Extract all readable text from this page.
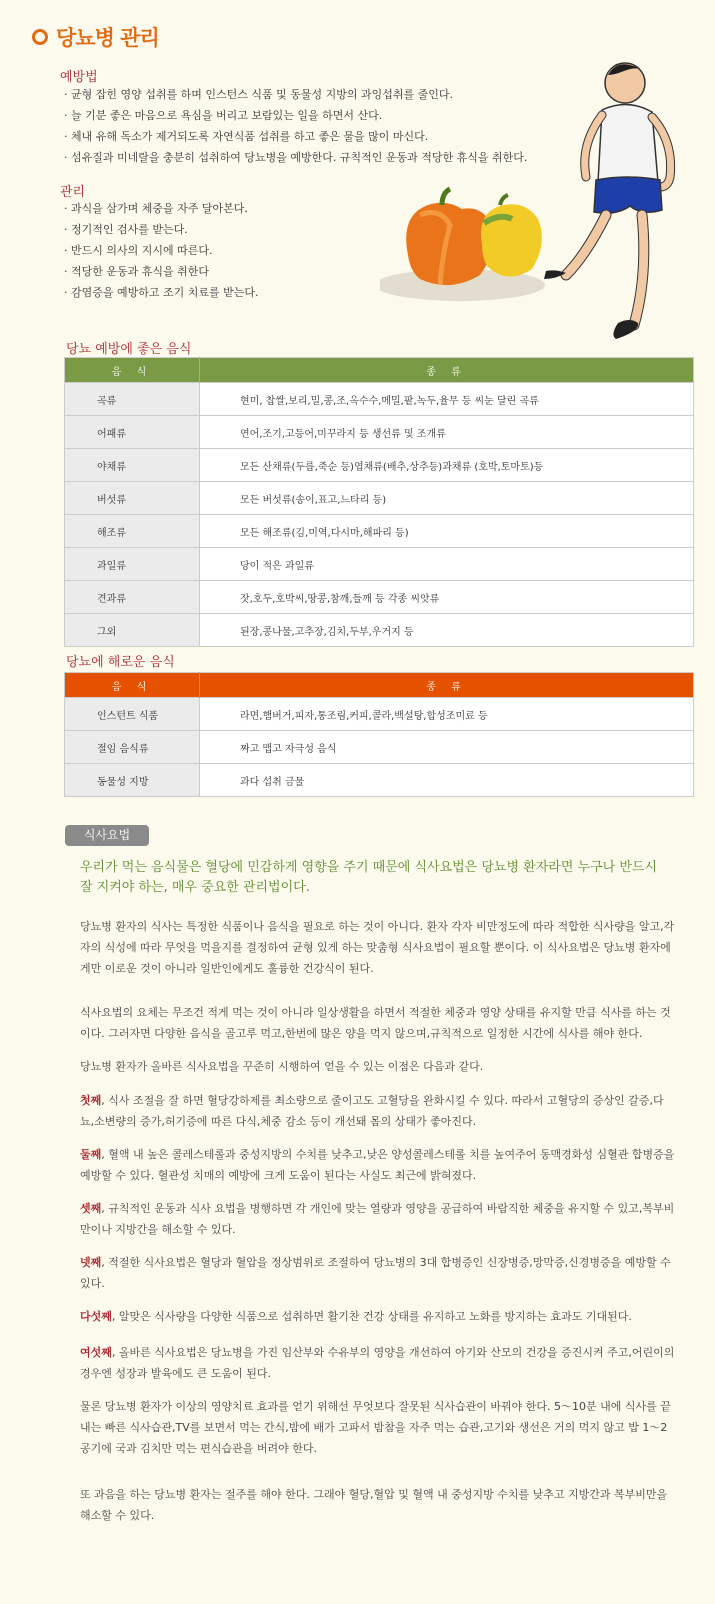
당뇨병 관리
예방법
· 균형 잡힌 영양 섭취를 하며 인스턴스 식품 및 동물성 지방의 과잉섭취를 줄인다.
· 늘 기분 좋은 마음으로 욕심을 버리고 보람있는 일을 하면서 산다.
· 체내 유해 독소가 제거되도록 자연식품 섭취를 하고 좋은 물을 많이 마신다.
· 섬유질과 미네랄을 충분히 섭취하여 당뇨병을 예방한다. 규칙적인 운동과 적당한 휴식을 취한다.
관리
· 과식을 삼가며 체중을 자주 달아본다.
· 정기적인 검사를 받는다.
· 반드시 의사의 지시에 따른다.
· 적당한 운동과 휴식을 취한다
· 감염증을 예방하고 조기 치료를 받는다.
당뇨 예방에 좋은 음식
음 식	종 류
곡류	현미, 찹쌀,보리,밀,콩,조,옥수수,메밀,팥,녹두,율무 등 씨눈 달린 곡류
어패류	연어,조기,고등어,미꾸라지 등 생선류 및 조개류
야채류	모든 산채류(두릅,죽순 등)엽채류(배추,상추등)과채류 (호박,토마토)등
버섯류	모든 버섯류(송이,표고,느타리 등)
해조류	모든 해조류(김,미역,다시마,해파리 등)
과일류	당이 적은 과일류
견과류	잣,호두,호박씨,땅콩,참깨,들깨 등 각종 씨앗류
그외	된장,콩나물,고추장,김치,두부,우거지 등
당뇨에 해로운 음식
음 식	종 류
인스턴트 식품	라면,햄버거,피자,통조림,커피,콜라,백설탕,합성조미료 등
절임 음식류	짜고 맵고 자극성 음식
동물성 지방	과다 섭취 금물
식사요법

우리가 먹는 음식물은 혈당에 민감하게 영향을 주기 때문에 식사요법은 당뇨병 환자라면 누구나 반드시 잘 지켜야 하는, 매우 중요한 관리법이다.

당뇨병 환자의 식사는 특정한 식품이나 음식을 필요로 하는 것이 아니다. 환자 각자 비만정도에 따라 적합한 식사량을 알고,각자의 식성에 따라 무엇을 먹을지를 결정하여 균형 있게 하는 맞춤형 식사요법이 필요할 뿐이다. 이 식사요법은 당뇨병 환자에게만 이로운 것이 아니라 일반인에게도 훌륭한 건강식이 된다.

식사요법의 요체는 무조건 적게 먹는 것이 아니라 일상생활을 하면서 적절한 체중과 영양 상태를 유지할 만큼 식사를 하는 것이다. 그러자면 다양한 음식을 골고루 먹고,한번에 많은 양을 먹지 않으며,규칙적으로 일정한 시간에 식사를 해야 한다.

당뇨병 환자가 올바른 식사요법을 꾸준히 시행하여 얻을 수 있는 이점은 다음과 같다.

첫째, 식사 조절을 잘 하면 혈당강하제를 최소량으로 줄이고도 고혈당을 완화시킬 수 있다. 따라서 고혈당의 증상인 갈증,다뇨,소변량의 증가,허기증에 따른 다식,체중 감소 등이 개선돼 몸의 상태가 좋아진다.

둘째, 혈액 내 높은 콜레스테롤과 중성지방의 수치를 낮추고,낮은 양성콜레스테롤 치를 높여주어 동맥경화성 심혈관 합병증을 예방할 수 있다. 혈관성 치매의 예방에 크게 도움이 된다는 사실도 최근에 밝혀졌다.

셋째, 규칙적인 운동과 식사 요법을 병행하면 각 개인에 맞는 열량과 영양을 공급하여 바람직한 체중을 유지할 수 있고,복부비만이나 지방간을 해소할 수 있다.

넷째, 적절한 식사요법은 혈당과 혈압을 정상범위로 조절하여 당뇨병의 3대 합병증인 신장병증,망막증,신경병증을 예방할 수 있다.

다섯째, 알맞은 식사량을 다양한 식품으로 섭취하면 활기찬 건강 상태를 유지하고 노화를 방지하는 효과도 기대된다.

여섯째, 올바른 식사요법은 당뇨병을 가진 임산부와 수유부의 영양을 개선하여 아기와 산모의 건강을 증진시켜 주고,어린이의 경우엔 성장과 발육에도 큰 도움이 된다.

물론 당뇨병 환자가 이상의 영양치료 효과를 얻기 위해선 무엇보다 잘못된 식사습관이 바꿔야 한다. 5～10분 내에 식사를 끝내는 빠른 식사습관,TV를 보면서 먹는 간식,밤에 배가 고파서 밤참을 자주 먹는 습관,고기와 생선은 거의 먹지 않고 밥 1～2공기에 국과 김치만 먹는 편식습관을 버려야 한다.

또 과음을 하는 당뇨병 환자는 절주를 해야 한다. 그래야 혈당,혈압 및 혈액 내 중성지방 수치를 낮추고 지방간과 복부비만을 해소할 수 있다.
